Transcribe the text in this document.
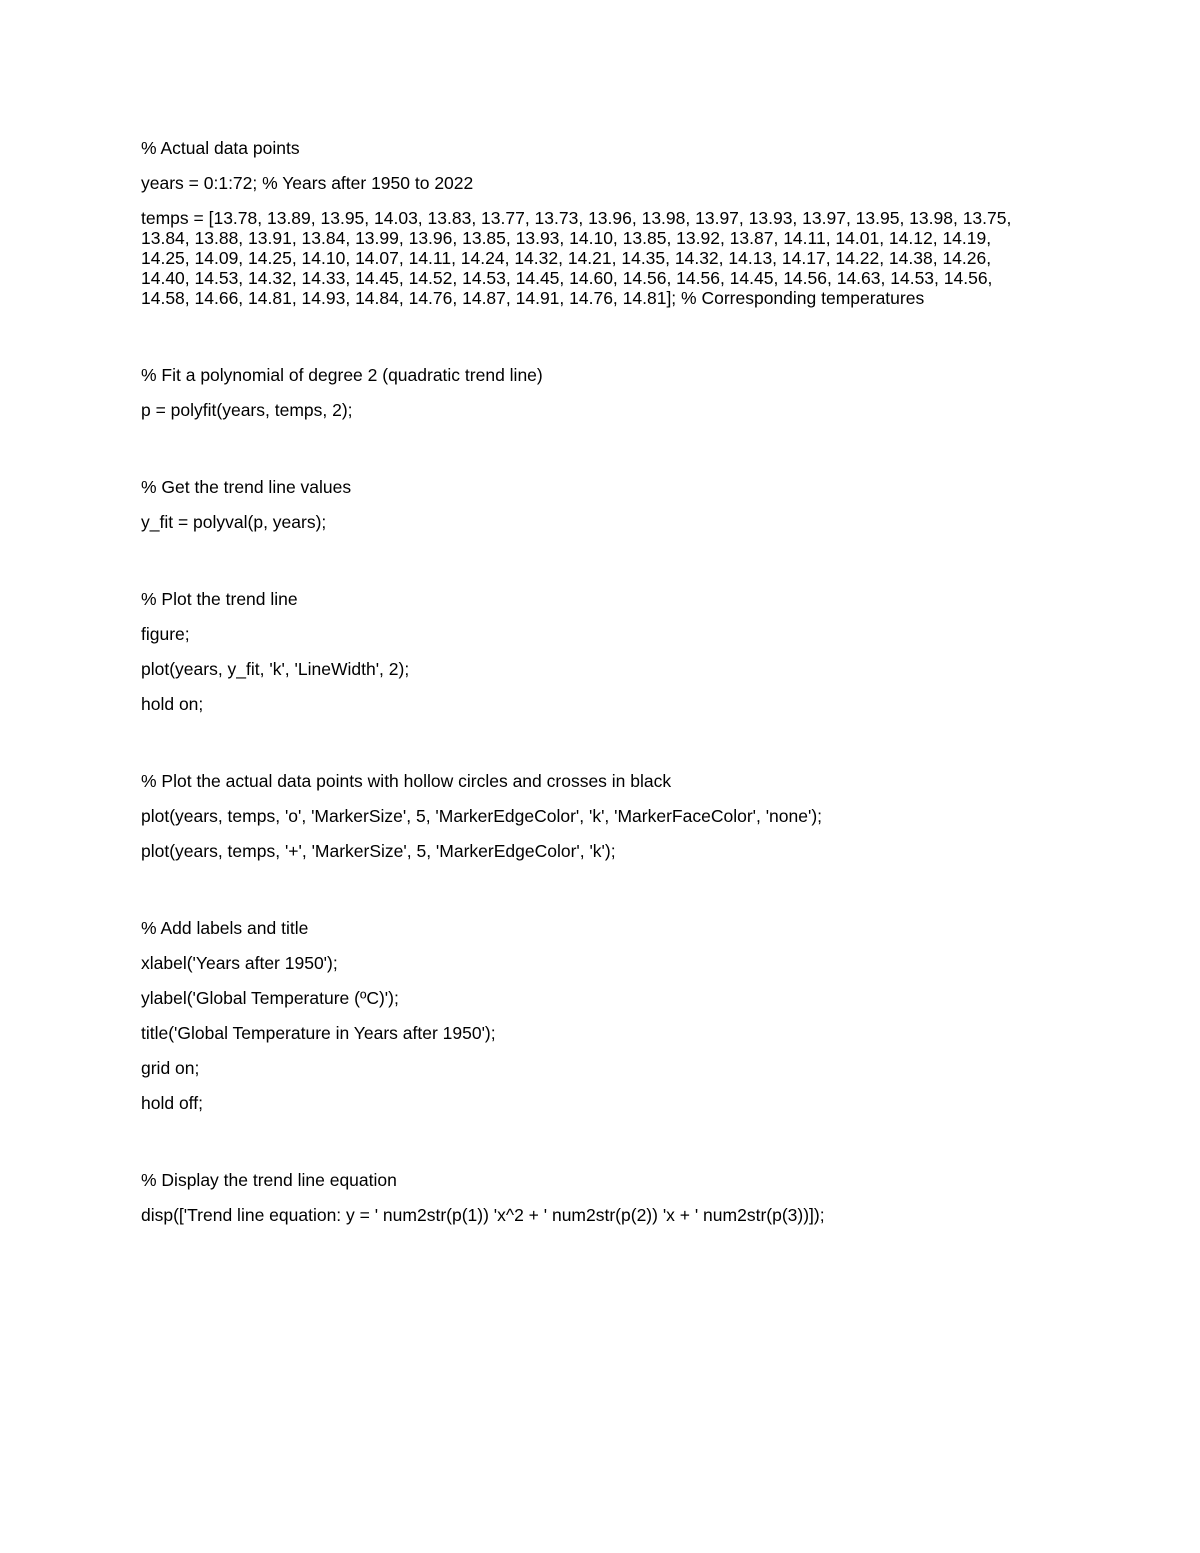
% Actual data points
years = 0:1:72; % Years after 1950 to 2022
temps = [13.78, 13.89, 13.95, 14.03, 13.83, 13.77, 13.73, 13.96, 13.98, 13.97, 13.93, 13.97, 13.95, 13.98, 13.75, 13.84, 13.88, 13.91, 13.84, 13.99, 13.96, 13.85, 13.93, 14.10, 13.85, 13.92, 13.87, 14.11, 14.01, 14.12, 14.19, 14.25, 14.09, 14.25, 14.10, 14.07, 14.11, 14.24, 14.32, 14.21, 14.35, 14.32, 14.13, 14.17, 14.22, 14.38, 14.26, 14.40, 14.53, 14.32, 14.33, 14.45, 14.52, 14.53, 14.45, 14.60, 14.56, 14.56, 14.45, 14.56, 14.63, 14.53, 14.56, 14.58, 14.66, 14.81, 14.93, 14.84, 14.76, 14.87, 14.91, 14.76, 14.81]; % Corresponding temperatures
% Fit a polynomial of degree 2 (quadratic trend line)
p = polyfit(years, temps, 2);
% Get the trend line values
y_fit = polyval(p, years);
% Plot the trend line
figure;
plot(years, y_fit, 'k', 'LineWidth', 2);
hold on;
% Plot the actual data points with hollow circles and crosses in black
plot(years, temps, 'o', 'MarkerSize', 5, 'MarkerEdgeColor', 'k', 'MarkerFaceColor', 'none');
plot(years, temps, '+', 'MarkerSize', 5, 'MarkerEdgeColor', 'k');
% Add labels and title
xlabel('Years after 1950');
ylabel('Global Temperature (ºC)');
title('Global Temperature in Years after 1950');
grid on;
hold off;
% Display the trend line equation
disp(['Trend line equation: y = ' num2str(p(1)) 'x^2 + ' num2str(p(2)) 'x + ' num2str(p(3))]);
